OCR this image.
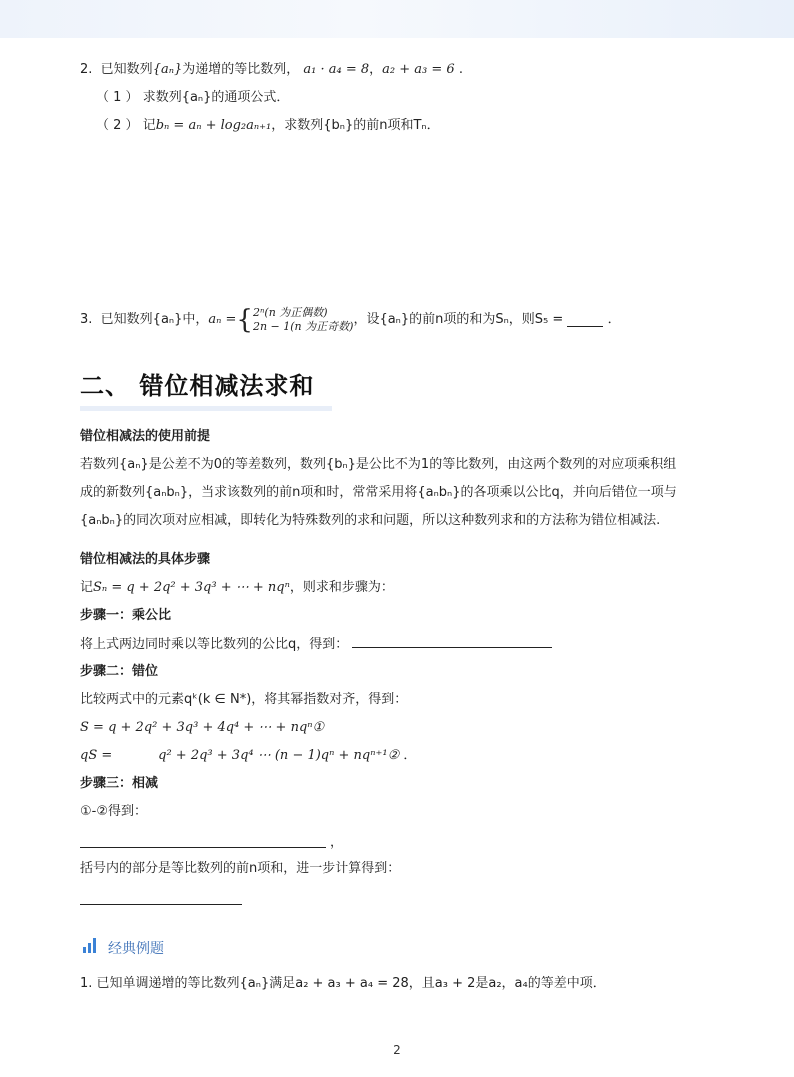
2. 已知数列{aₙ}为递增的等比数列， a₁ · a₄ = 8，a₂ + a₃ = 6 .
（ 1 ） 求数列{aₙ}的通项公式．
（ 2 ） 记bₙ = aₙ + log₂aₙ₊₁，求数列{bₙ}的前n项和Tₙ．
3.
已知数列{aₙ}中， aₙ = { 2ⁿ(n 为正偶数)
2n − 1(n 为正奇数) ，设{aₙ}的前n项的和为Sₙ，则S₅ =

	．
二、 错位相减法求和
错位相减法的使用前提
若数列{aₙ}是公差不为0的等差数列，数列{bₙ}是公比不为1的等比数列，由这两个数列的对应项乘积组
成的新数列{aₙbₙ}，当求该数列的前n项和时，常常采用将{aₙbₙ}的各项乘以公比q，并向后错位一项与
{aₙbₙ}的同次项对应相减，即转化为特殊数列的求和问题，所以这种数列求和的方法称为错位相减法.
错位相减法的具体步骤
记Sₙ = q + 2q² + 3q³ + ⋯ + nqⁿ，则求和步骤为：
步骤一：乘公比
将上式两边同时乘以等比数列的公比q，得到：
步骤二：错位
比较两式中的元素qᵏ(k ∈ N*)，将其幂指数对齐，得到：
S = q + 2q² + 3q³ + 4q⁴ + ⋯ + nqⁿ①
qS =	q² + 2q³ + 3q⁴ ⋯ (n − 1)qⁿ + nqⁿ⁺¹② ．
步骤三：相减
①-②得到：
，
括号内的部分是等比数列的前n项和，进一步计算得到：
经典例题
1. 已知单调递增的等比数列{aₙ}满足a₂ + a₃ + a₄ = 28，且a₃ + 2是a₂，a₄的等差中项．
2
